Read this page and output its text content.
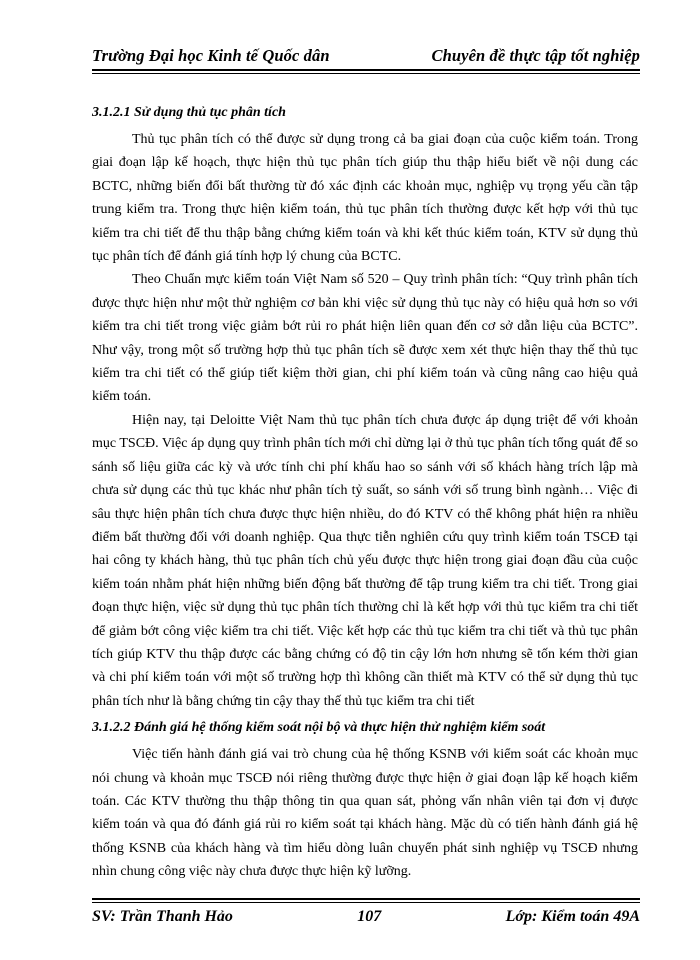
Trường Đại học Kinh tế Quốc dân	Chuyên đề thực tập tốt nghiệp
3.1.2.1 Sử dụng thủ tục phân tích

Thủ tục phân tích có thể được sử dụng trong cả ba giai đoạn của cuộc kiểm toán. Trong giai đoạn lập kế hoạch, thực hiện thủ tục phân tích giúp thu thập hiểu biết về nội dung các BCTC, những biến đổi bất thường từ đó xác định các khoản mục, nghiệp vụ trọng yếu cần tập trung kiểm tra. Trong thực hiện kiểm toán, thủ tục phân tích thường được kết hợp với thủ tục kiểm tra chi tiết để thu thập bằng chứng kiểm toán và khi kết thúc kiểm toán, KTV sử dụng thủ tục phân tích để đánh giá tính hợp lý chung của BCTC.

Theo Chuẩn mực kiểm toán Việt Nam số 520 – Quy trình phân tích: “Quy trình phân tích được thực hiện như một thử nghiệm cơ bản khi việc sử dụng thủ tục này có hiệu quả hơn so với kiểm tra chi tiết trong việc giảm bớt rủi ro phát hiện liên quan đến cơ sở dẫn liệu của BCTC”. Như vậy, trong một số trường hợp thủ tục phân tích sẽ được xem xét thực hiện thay thế thủ tục kiểm tra chi tiết có thể giúp tiết kiệm thời gian, chi phí kiểm toán và cũng nâng cao hiệu quả kiểm toán.

Hiện nay, tại Deloitte Việt Nam thủ tục phân tích chưa được áp dụng triệt để với khoản mục TSCĐ. Việc áp dụng quy trình phân tích mới chỉ dừng lại ở thủ tục phân tích tổng quát để so sánh số liệu giữa các kỳ và ước tính chi phí khấu hao so sánh với số khách hàng trích lập mà chưa sử dụng các thủ tục khác như phân tích tỷ suất, so sánh với số trung bình ngành… Việc đi sâu thực hiện phân tích chưa được thực hiện nhiều, do đó KTV có thể không phát hiện ra nhiều điểm bất thường đối với doanh nghiệp. Qua thực tiễn nghiên cứu quy trình kiểm toán TSCĐ tại hai công ty khách hàng, thủ tục phân tích chủ yếu được thực hiện trong giai đoạn đầu của cuộc kiểm toán nhằm phát hiện những biến động bất thường để tập trung kiểm tra chi tiết. Trong giai đoạn thực hiện, việc sử dụng thủ tục phân tích thường chỉ là kết hợp với thủ tục kiểm tra chi tiết để giảm bớt công việc kiểm tra chi tiết. Việc kết hợp các thủ tục kiểm tra chi tiết và thủ tục phân tích giúp KTV thu thập được các bằng chứng có độ tin cậy lớn hơn nhưng sẽ tốn kém thời gian và chi phí kiểm toán với một số trường hợp thì không cần thiết mà KTV có thể sử dụng thủ tục phân tích như là bằng chứng tin cậy thay thế thủ tục kiểm tra chi tiết

3.1.2.2 Đánh giá hệ thống kiểm soát nội bộ và thực hiện thử nghiệm kiểm soát

Việc tiến hành đánh giá vai trò chung của hệ thống KSNB với kiểm soát các khoản mục nói chung và khoản mục TSCĐ nói riêng thường được thực hiện ở giai đoạn lập kế hoạch kiểm toán. Các KTV thường thu thập thông tin qua quan sát, phỏng vấn nhân viên tại đơn vị được kiểm toán và qua đó đánh giá rủi ro kiểm soát tại khách hàng. Mặc dù có tiến hành đánh giá hệ thống KSNB của khách hàng và tìm hiểu dòng luân chuyển phát sinh nghiệp vụ TSCĐ nhưng nhìn chung công việc này chưa được thực hiện kỹ lưỡng.

SV: Trần Thanh Hảo	107	Lớp: Kiểm toán 49A
